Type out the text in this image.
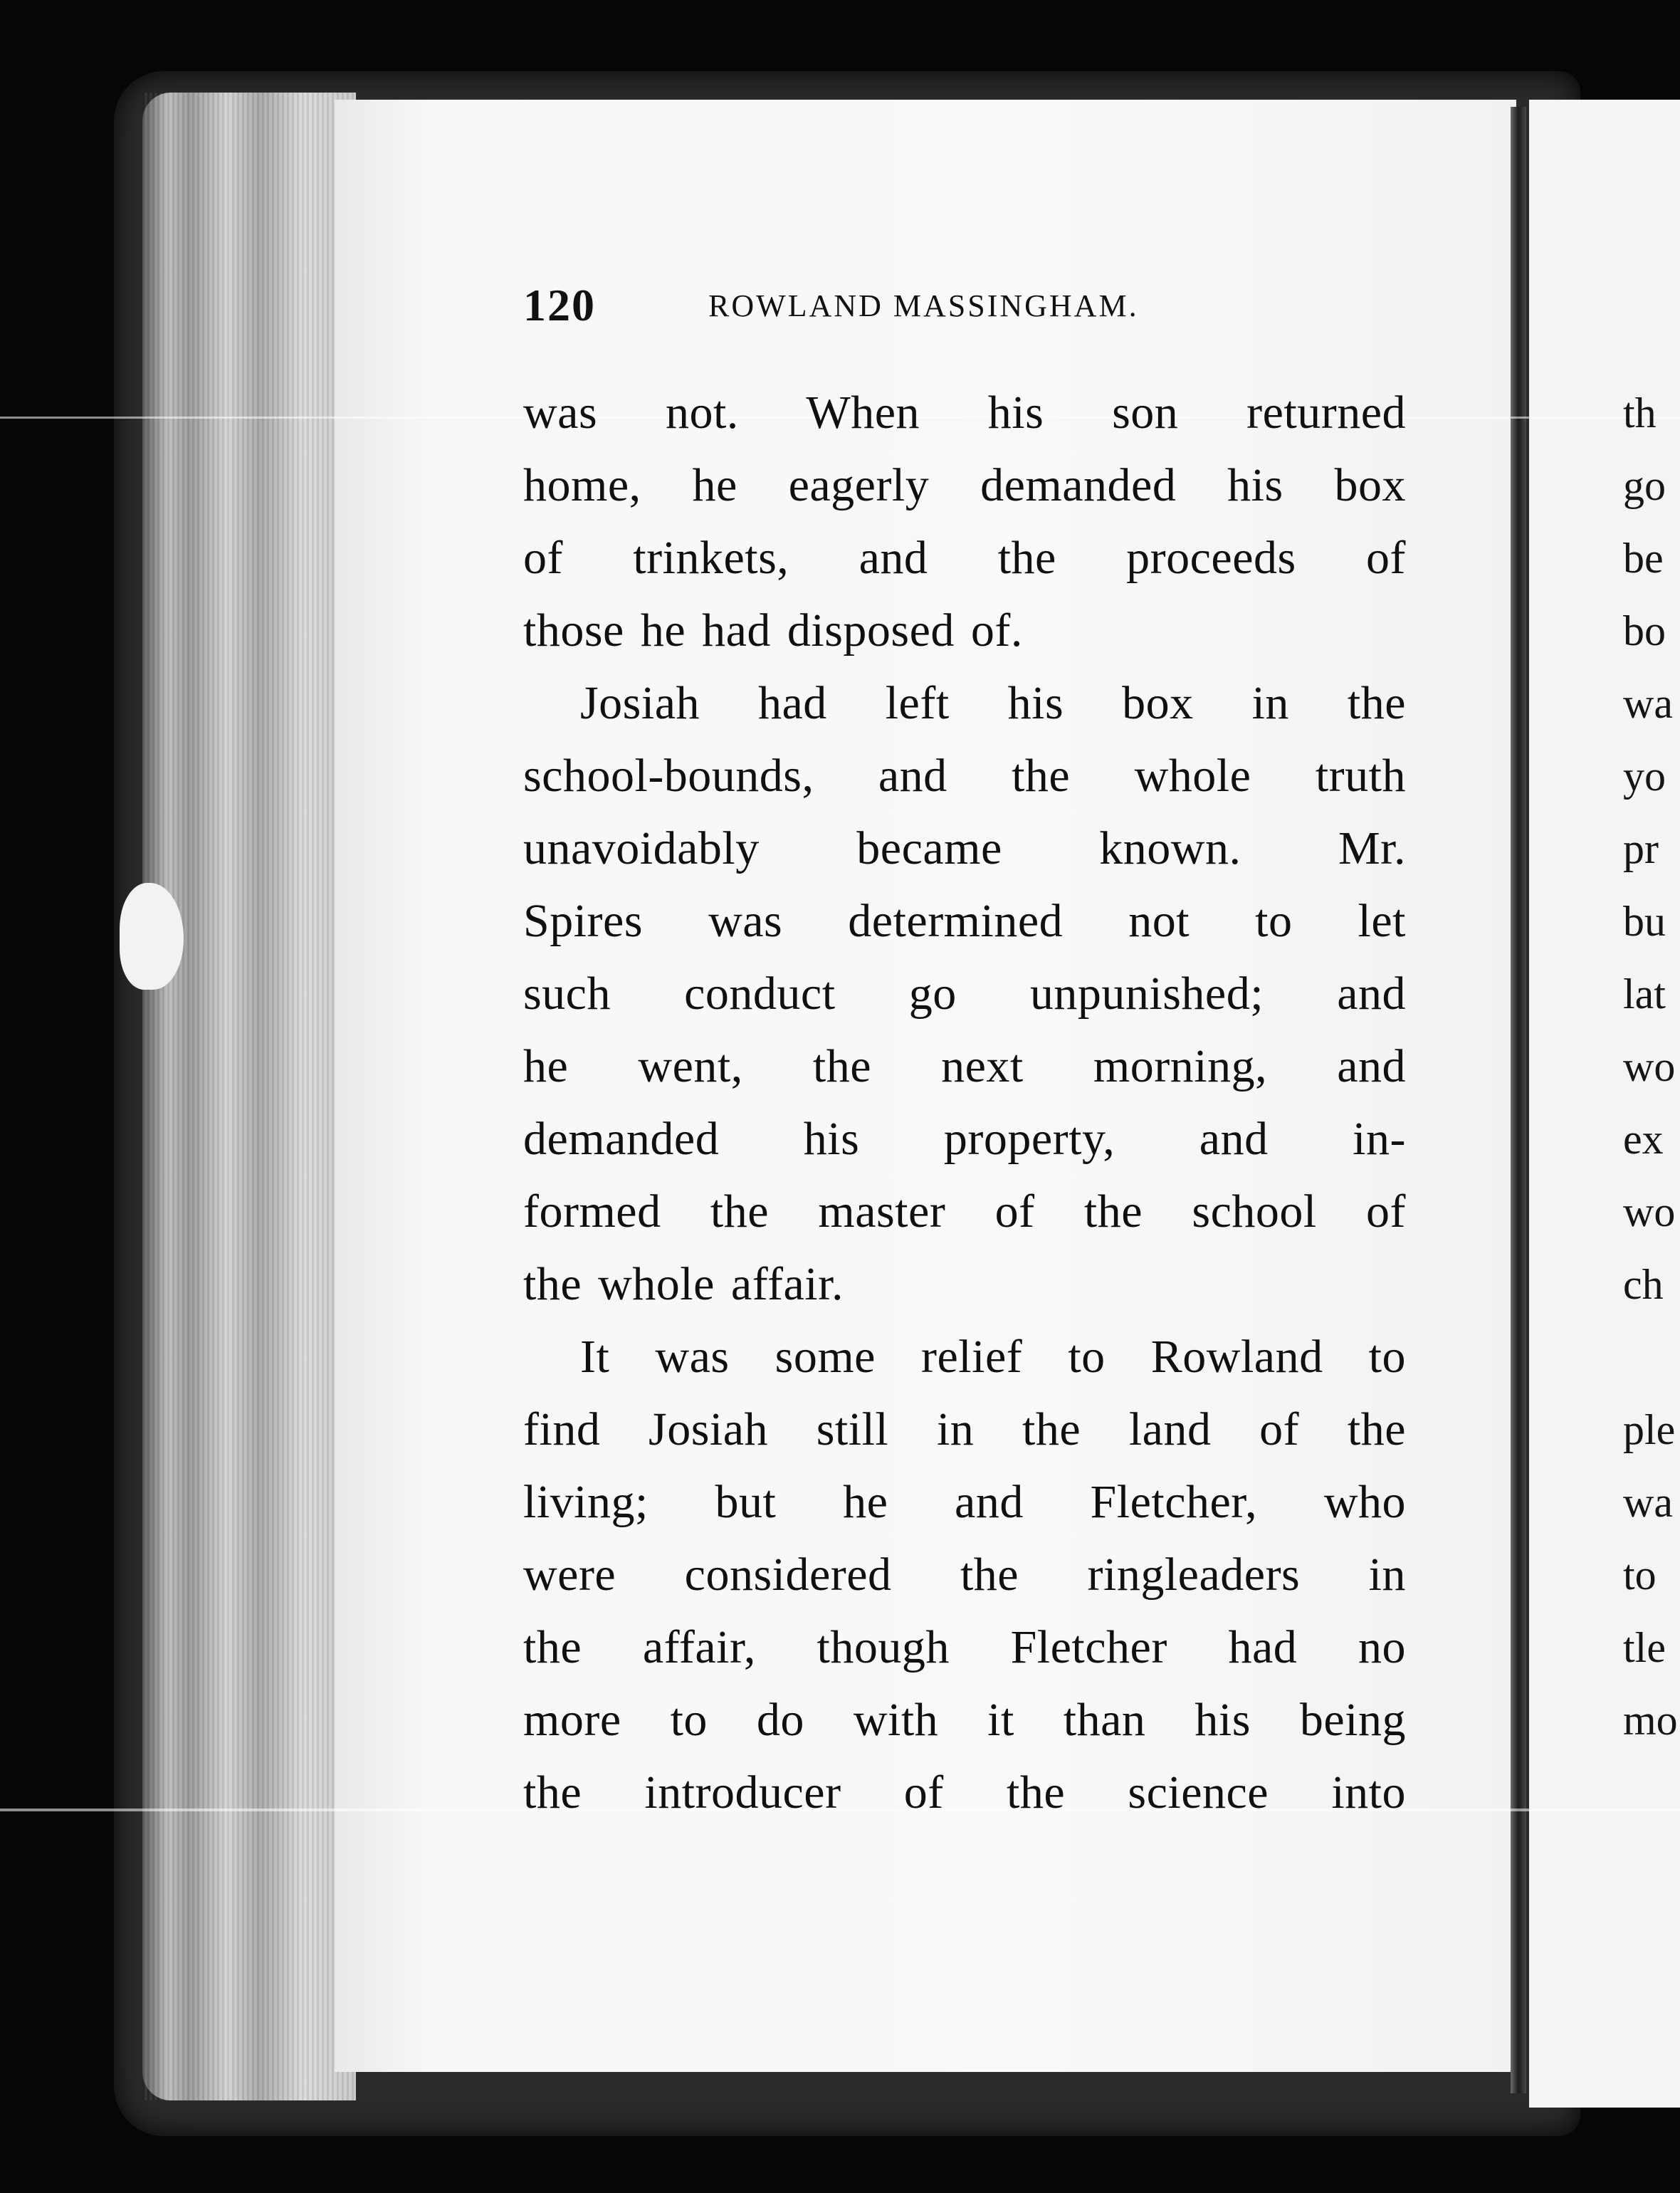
120	ROWLAND MASSINGHAM.
was not. When his son returned
home, he eagerly demanded his box
of trinkets, and the proceeds of
those he had disposed of.
Josiah had left his box in the
school-bounds, and the whole truth
unavoidably became known. Mr.
Spires was determined not to let
such conduct go unpunished; and
he went, the next morning, and
demanded his property, and in-
formed the master of the school of
the whole affair.
It was some relief to Rowland to
find Josiah still in the land of the
living; but he and Fletcher, who
were considered the ringleaders in
the affair, though Fletcher had no
more to do with it than his being
the introducer of the science into
th
go
be
bo
wa
yo
pr
bu
lat
wo
ex
wo
ch
ple
wa
to
tle
mo
